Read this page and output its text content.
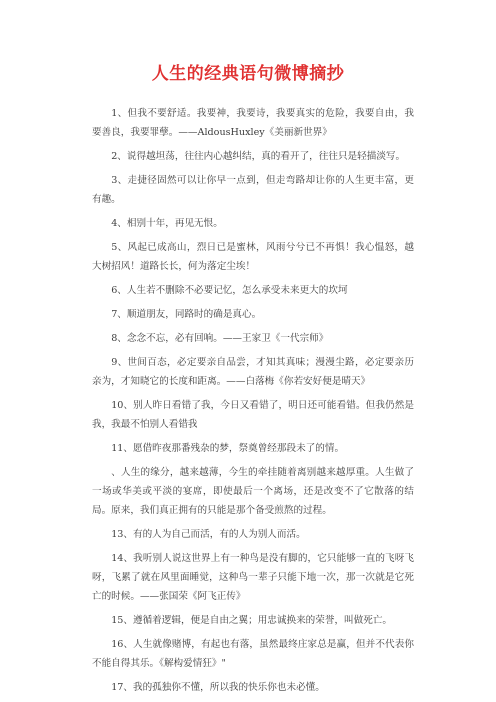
人生的经典语句微博摘抄

1、但我不要舒适。我要神，我要诗，我要真实的危险，我要自由，我要善良，我要罪孽。——AldousHuxley《美丽新世界》

2、说得越坦荡，往往内心越纠结，真的看开了，往往只是轻描淡写。

3、走捷径固然可以让你早一点到，但走弯路却让你的人生更丰富，更有趣。

4、相别十年，再见无恨。

5、风起已成高山，烈日已是蜜林，风雨兮兮已不再惧！我心愠怒，越大树招风！道路长长，何为落定尘埃！

6、人生若不删除不必要记忆，怎么承受未来更大的坎坷

7、顺道朋友，同路时的确是真心。

8、念念不忘，必有回响。——王家卫《一代宗师》

9、世间百态，必定要亲自品尝，才知其真味；漫漫尘路，必定要亲历亲为，才知晓它的长度和距离。——白落梅《你若安好便是晴天》

10、别人昨日看错了我，今日又看错了，明日还可能看错。但我仍然是我，我最不怕别人看错我

11、愿借昨夜那番残杂的梦，祭奠曾经那段未了的情。

、人生的缘分，越来越薄，今生的牵挂随着离别越来越厚重。人生做了一场或华美或平淡的宴席，即使最后一个离场，还是改变不了它散落的结局。原来，我们真正拥有的只能是那个备受煎熬的过程。

13、有的人为自己而活，有的人为别人而活。

14、我听别人说这世界上有一种鸟是没有脚的，它只能够一直的飞呀飞呀，飞累了就在风里面睡觉，这种鸟一辈子只能下地一次，那一次就是它死亡的时候。——张国荣《阿飞正传》

15、遵循着逻辑，便是自由之翼；用忠诚换来的荣誉，叫做死亡。

16、人生就像赌博，有起也有落，虽然最终庄家总是赢，但并不代表你不能自得其乐。《解构爱情狂》"

17、我的孤独你不懂，所以我的快乐你也未必懂。
